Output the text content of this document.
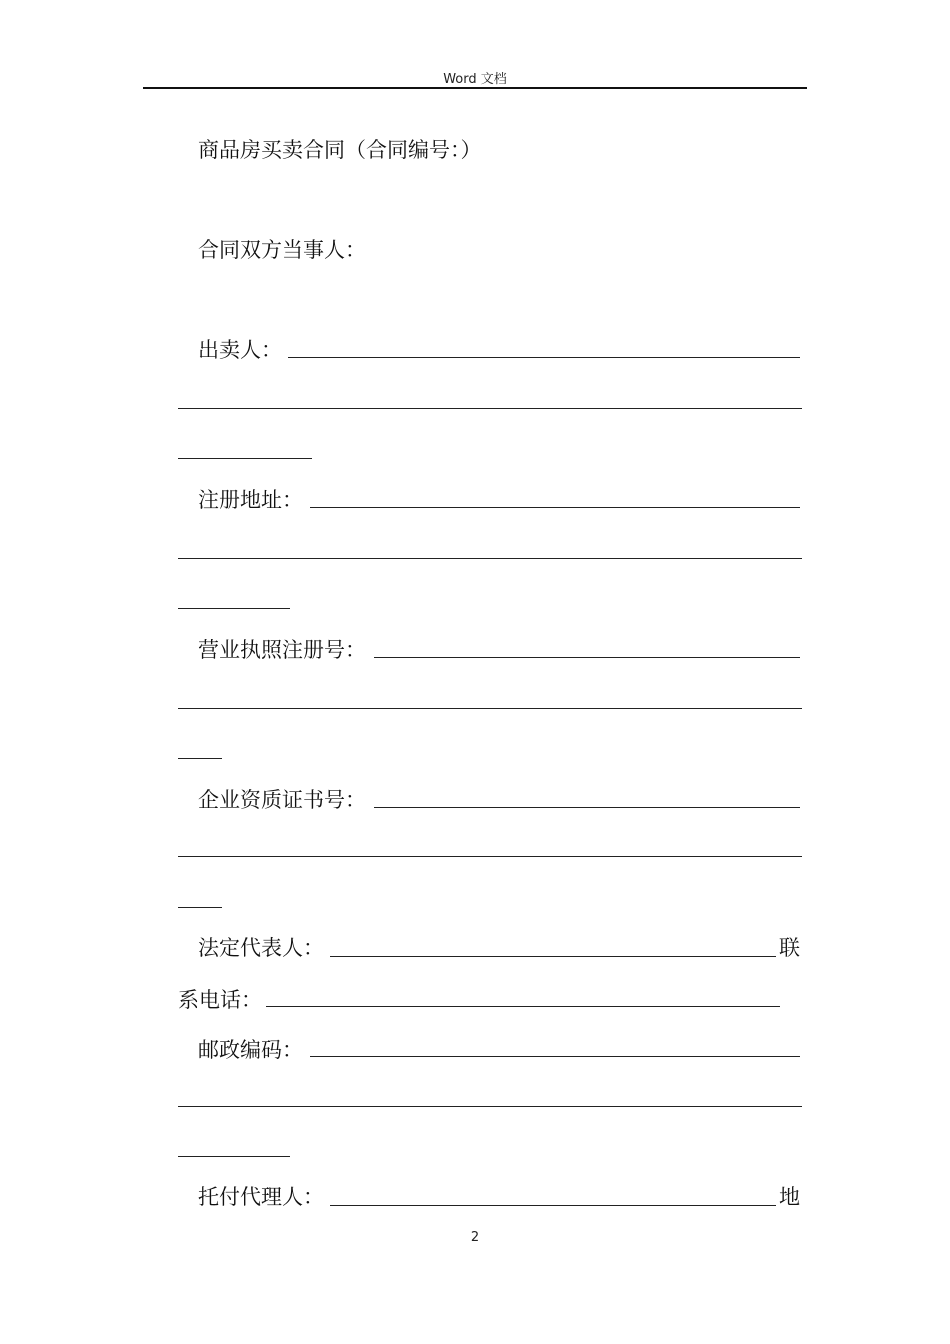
Word 文档
商品房买卖合同（合同编号：）
合同双方当事人：
出卖人：
注册地址：
营业执照注册号：
企业资质证书号：
法定代表人：	联
系电话：
邮政编码：
托付代理人：	地
2
